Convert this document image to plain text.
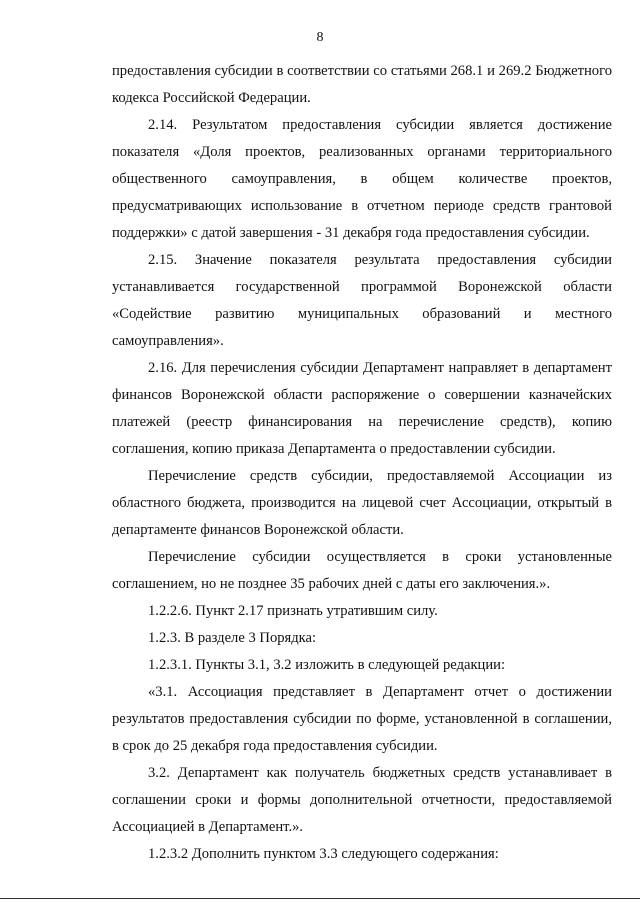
8

предоставления субсидии в соответствии со статьями 268.1 и 269.2 Бюджетного кодекса Российской Федерации.

2.14. Результатом предоставления субсидии является достижение показателя «Доля проектов, реализованных органами территориального общественного самоуправления, в общем количестве проектов, предусматривающих использование в отчетном периоде средств грантовой поддержки» с датой завершения - 31 декабря года предоставления субсидии.

2.15. Значение показателя результата предоставления субсидии устанавливается государственной программой Воронежской области «Содействие развитию муниципальных образований и местного самоуправления».

2.16. Для перечисления субсидии Департамент направляет в департамент финансов Воронежской области распоряжение о совершении казначейских платежей (реестр финансирования на перечисление средств), копию соглашения, копию приказа Департамента о предоставлении субсидии.

Перечисление средств субсидии, предоставляемой Ассоциации из областного бюджета, производится на лицевой счет Ассоциации, открытый в департаменте финансов Воронежской области.

Перечисление субсидии осуществляется в сроки установленные соглашением, но не позднее 35 рабочих дней с даты его заключения.».

1.2.2.6. Пункт 2.17 признать утратившим силу.

1.2.3. В разделе 3 Порядка:

1.2.3.1. Пункты 3.1, 3.2 изложить в следующей редакции:

«3.1. Ассоциация представляет в Департамент отчет о достижении результатов предоставления субсидии по форме, установленной в соглашении, в срок до 25 декабря года предоставления субсидии.

3.2. Департамент как получатель бюджетных средств устанавливает в соглашении сроки и формы дополнительной отчетности, предоставляемой Ассоциацией в Департамент.».

1.2.3.2 Дополнить пунктом 3.3 следующего содержания:
